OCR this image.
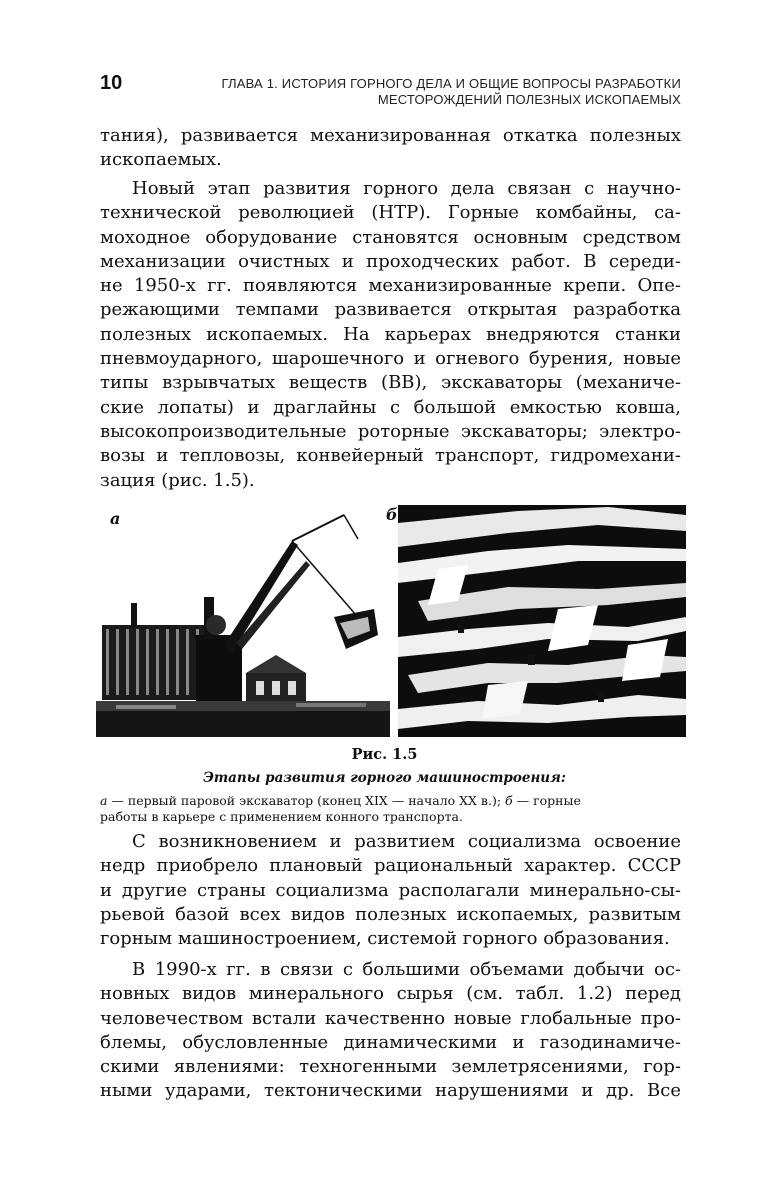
10	ГЛАВА 1. ИСТОРИЯ ГОРНОГО ДЕЛА И ОБЩИЕ ВОПРОСЫ РАЗРАБОТКИ
МЕСТОРОЖДЕНИЙ ПОЛЕЗНЫХ ИСКОПАЕМЫХ

тания), развивается механизированная откатка полезных
ископаемых.

Новый этап развития горного дела связан с научно-
технической революцией (НТР). Горные комбайны, са-
моходное оборудование становятся основным средством
механизации очистных и проходческих работ. В середи-
не 1950-х гг. появляются механизированные крепи. Опе-
режающими темпами развивается открытая разработка
полезных ископаемых. На карьерах внедряются станки
пневмоударного, шарошечного и огневого бурения, новые
типы взрывчатых веществ (ВВ), экскаваторы (механиче-
ские лопаты) и драглайны с большой емкостью ковша,
высокопроизводительные роторные экскаваторы; электро-
возы и тепловозы, конвейерный транспорт, гидромехани-
зация (рис. 1.5).

а	б
Рис. 1.5
Этапы развития горного машиностроения:
а — первый паровой экскаватор (конец XIX — начало XX в.); б — горные
работы в карьере с применением конного транспорта.

С возникновением и развитием социализма освоение
недр приобрело плановый рациональный характер. СССР
и другие страны социализма располагали минерально-сы-
рьевой базой всех видов полезных ископаемых, развитым
горным машиностроением, системой горного образования.

В 1990-х гг. в связи с большими объемами добычи ос-
новных видов минерального сырья (см. табл. 1.2) перед
человечеством встали качественно новые глобальные про-
блемы, обусловленные динамическими и газодинамиче-
скими явлениями: техногенными землетрясениями, гор-
ными ударами, тектоническими нарушениями и др. Все
